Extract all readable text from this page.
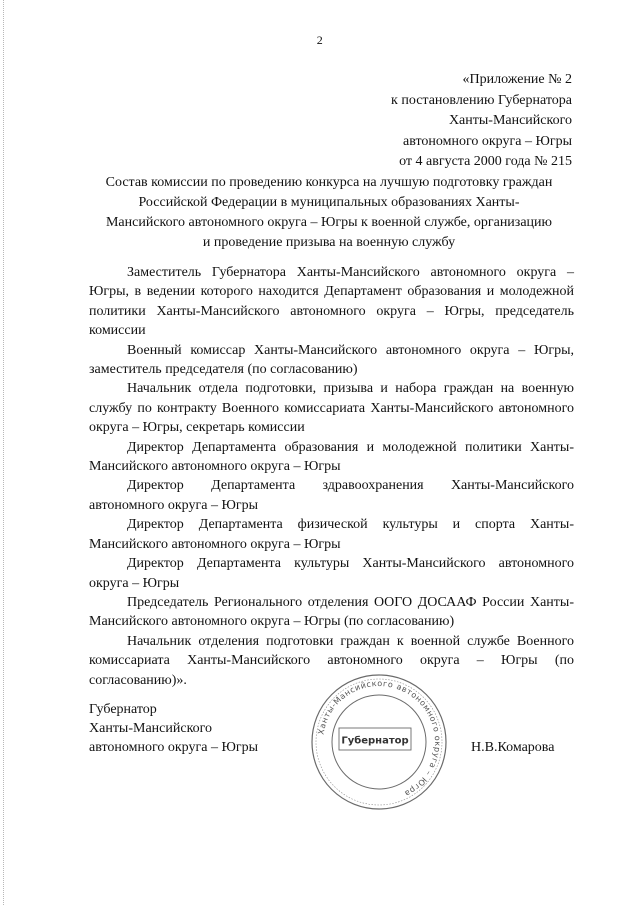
2
«Приложение № 2
к постановлению Губернатора
Ханты-Мансийского
автономного округа – Югры
от 4 августа 2000 года № 215
Состав комиссии по проведению конкурса на лучшую подготовку граждан
Российской Федерации в муниципальных образованиях Ханты-
Мансийского автономного округа – Югры к военной службе, организацию
и проведение призыва на военную службу

Заместитель Губернатора Ханты-Мансийского автономного округа – Югры, в ведении которого находится Департамент образования и молодежной политики Ханты-Мансийского автономного округа – Югры, председатель комиссии

Военный комиссар Ханты-Мансийского автономного округа – Югры, заместитель председателя (по согласованию)

Начальник отдела подготовки, призыва и набора граждан на военную службу по контракту Военного комиссариата Ханты-Мансийского автономного округа – Югры, секретарь комиссии

Директор Департамента образования и молодежной политики Ханты-Мансийского автономного округа – Югры

Директор Департамента здравоохранения Ханты-Мансийского автономного округа – Югры

Директор Департамента физической культуры и спорта Ханты-Мансийского автономного округа – Югры

Директор Департамента культуры Ханты-Мансийского автономного округа – Югры

Председатель Регионального отделения ООГО ДОСААФ России Ханты-Мансийского автономного округа – Югры (по согласованию)

Начальник отделения подготовки граждан к военной службе Военного комиссариата Ханты-Мансийского автономного округа – Югры (по согласованию)».

Губернатор
Ханты-Мансийского
автономного округа – Югры
Ханты-Мансийского автономного округа – Югра
Губернатор	Н.В.Комарова
